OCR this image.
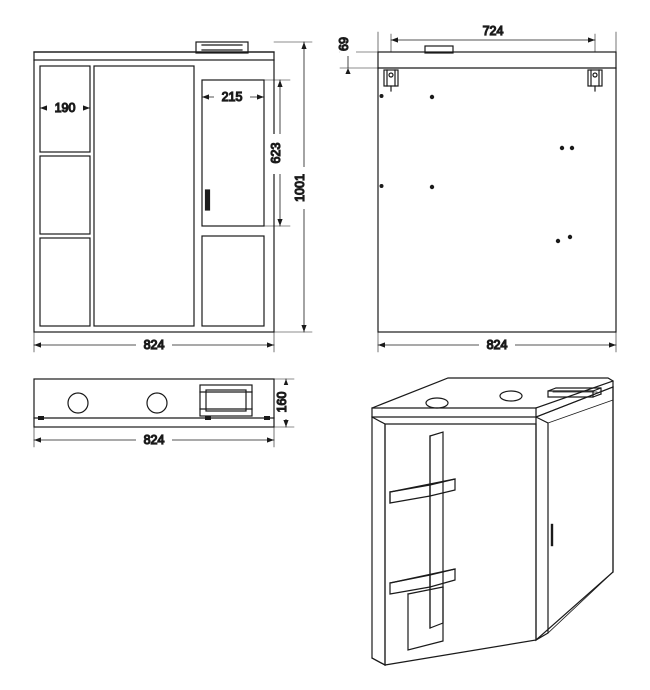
190
215
623
1001
824
724
69
824
160
824
